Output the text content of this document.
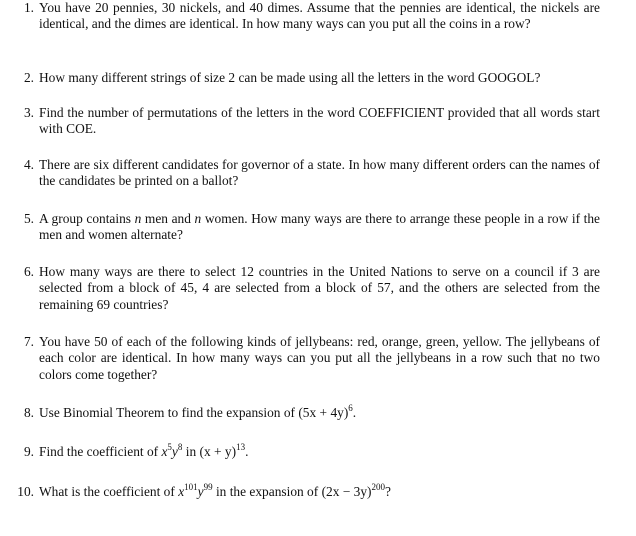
1. You have 20 pennies, 30 nickels, and 40 dimes. Assume that the pennies are identical, the nickels are identical, and the dimes are identical. In how many ways can you put all the coins in a row?
2. How many different strings of size 2 can be made using all the letters in the word GOOGOL?
3. Find the number of permutations of the letters in the word COEFFICIENT provided that all words start with COE.
4. There are six different candidates for governor of a state. In how many different orders can the names of the candidates be printed on a ballot?
5. A group contains n men and n women. How many ways are there to arrange these people in a row if the men and women alternate?
6. How many ways are there to select 12 countries in the United Nations to serve on a council if 3 are selected from a block of 45, 4 are selected from a block of 57, and the others are selected from the remaining 69 countries?
7. You have 50 of each of the following kinds of jellybeans: red, orange, green, yellow. The jellybeans of each color are identical. In how many ways can you put all the jellybeans in a row such that no two colors come together?
8. Use Binomial Theorem to find the expansion of $(5x + 4y)^6$.
9. Find the coefficient of $x^5y^8$ in $(x + y)^{13}$.
10. What is the coefficient of $x^{101}y^{99}$ in the expansion of $(2x - 3y)^{200}$?
